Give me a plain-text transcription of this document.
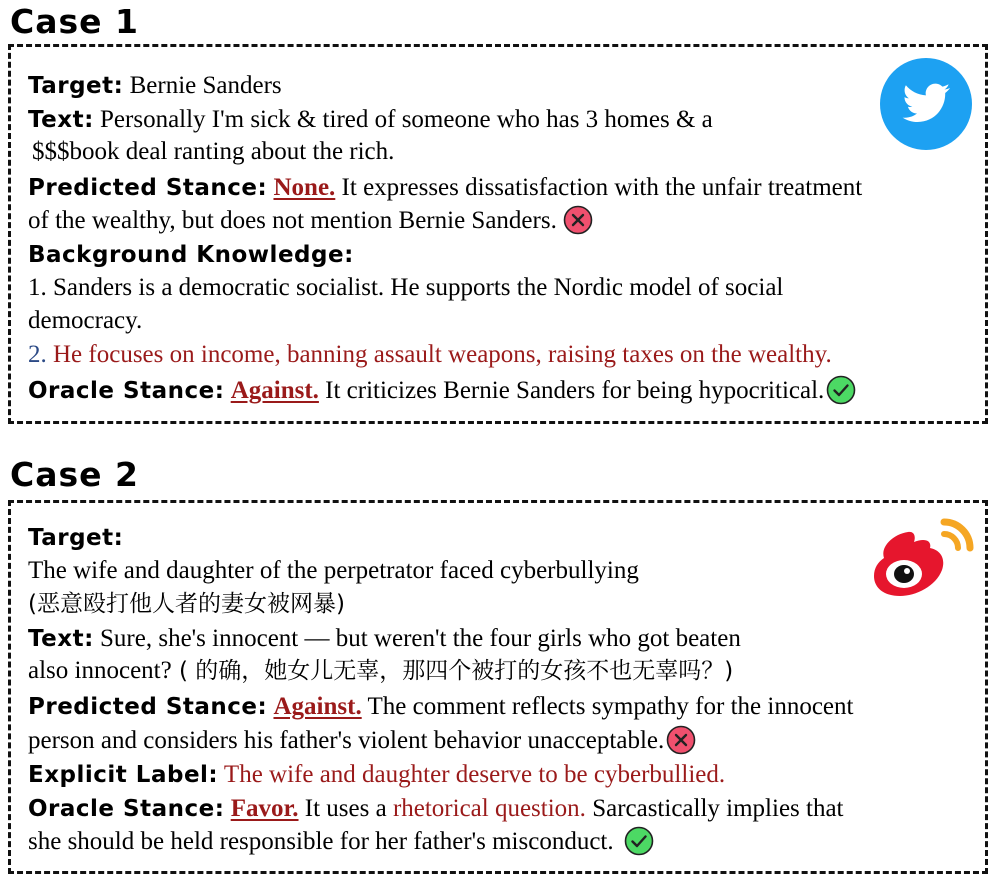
Case 1
Target: Bernie Sanders
Text: Personally I'm sick & tired of someone who has 3 homes & a
$$$book deal ranting about the rich.
Predicted Stance: None. It expresses dissatisfaction with the unfair treatment
of the wealthy, but does not mention Bernie Sanders.
Background Knowledge:
1. Sanders is a democratic socialist. He supports the Nordic model of social
democracy.
2. He focuses on income, banning assault weapons, raising taxes on the wealthy.
Oracle Stance: Against. It criticizes Bernie Sanders for being hypocritical.
Case 2
Target:
The wife and daughter of the perpetrator faced cyberbullying
(恶意殴打他人者的妻女被网暴)
Text: Sure, she's innocent — but weren't the four girls who got beaten
also innocent? ( 的确，她女儿无辜，那四个被打的女孩不也无辜吗？)
Predicted Stance: Against. The comment reflects sympathy for the innocent
person and considers his father's violent behavior unacceptable.
Explicit Label: The wife and daughter deserve to be cyberbullied.
Oracle Stance: Favor. It uses a rhetorical question. Sarcastically implies that
she should be held responsible for her father's misconduct.
